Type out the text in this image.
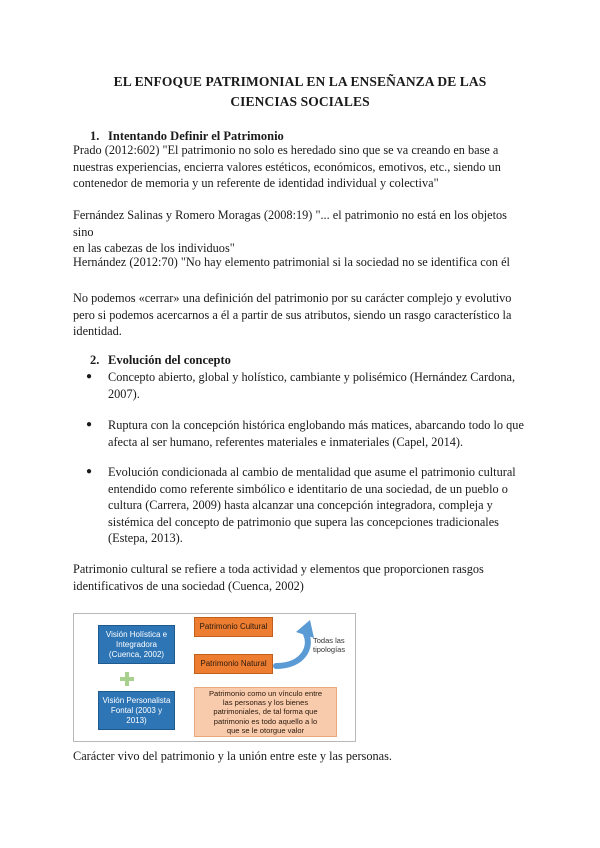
EL ENFOQUE PATRIMONIAL EN LA ENSEÑANZA DE LAS
CIENCIAS SOCIALES
1. Intentando Definir el Patrimonio
Prado (2012:602) "El patrimonio no solo es heredado sino que se va creando en base a
nuestras experiencias, encierra valores estéticos, económicos, emotivos, etc., siendo un
contenedor de memoria y un referente de identidad individual y colectiva"
Fernández Salinas y Romero Moragas (2008:19) "... el patrimonio no está en los objetos sino
en las cabezas de los individuos"
Hernández (2012:70) "No hay elemento patrimonial si la sociedad no se identifica con él
No podemos «cerrar» una definición del patrimonio por su carácter complejo y evolutivo
pero si podemos acercarnos a él a partir de sus atributos, siendo un rasgo característico la
identidad.
2. Evolución del concepto
●	Concepto abierto, global y holístico, cambiante y polisémico (Hernández Cardona,
2007).
●	Ruptura con la concepción histórica englobando más matices, abarcando todo lo que
afecta al ser humano, referentes materiales e inmateriales (Capel, 2014).
●	Evolución condicionada al cambio de mentalidad que asume el patrimonio cultural
entendido como referente simbólico e identitario de una sociedad, de un pueblo o
cultura (Carrera, 2009) hasta alcanzar una concepción integradora, compleja y
sistémica del concepto de patrimonio que supera las concepciones tradicionales
(Estepa, 2013).
Patrimonio cultural se refiere a toda actividad y elementos que proporcionen rasgos
identificativos de una sociedad (Cuenca, 2002)
Visión Holística e
Integradora
(Cuenca, 2002)
Visión Personalista
Fontal (2003 y
2013)
Patrimonio Cultural
Patrimonio Natural
Todas las
tipologías
Patrimonio como un vínculo entre
las personas y los bienes
patrimoniales, de tal forma que
patrimonio es todo aquello a lo
que se le otorgue valor
Carácter vivo del patrimonio y la unión entre este y las personas.
